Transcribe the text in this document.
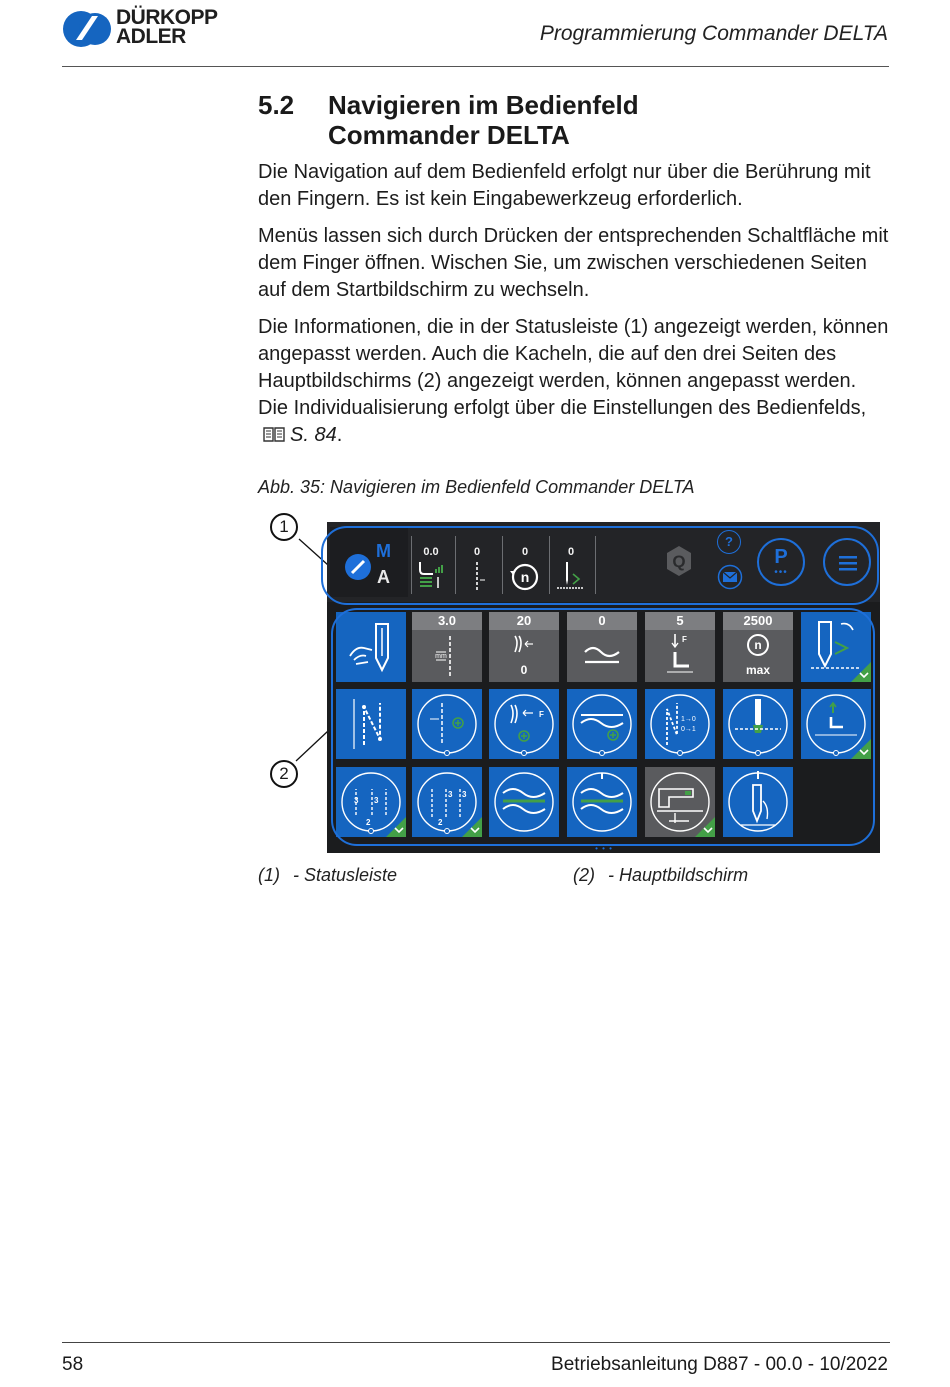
DÜRKOPP
ADLER	Programmierung Commander DELTA
5.2 Navigieren im Bedienfeld
Commander DELTA
Die Navigation auf dem Bedienfeld erfolgt nur über die Berührung mit den Fingern. Es ist kein Eingabewerkzeug erforderlich.
Menüs lassen sich durch Drücken der entsprechenden Schaltfläche mit dem Finger öffnen. Wischen Sie, um zwischen verschiedenen Seiten auf dem Startbildschirm zu wechseln.
Die Informationen, die in der Statusleiste (1) angezeigt werden, können angepasst werden. Auch die Kacheln, die auf den drei Seiten des Hauptbildschirms (2) angezeigt werden, können angepasst werden. Die Individualisierung erfolgt über die Einstellungen des Bedienfelds, S. 84.
Abb. 35: Navigieren im Bedienfeld Commander DELTA
1
2
M
A
0.0	0	0
n
0	Q
?
P
•••
3.0
mm
20
0
0	5
F
2500
n
max
F
1→0
0→1
3 3
2
3 3
2
• • •
(1) - Statusleiste	(2) - Hauptbildschirm
58	Betriebsanleitung D887 - 00.0 - 10/2022
